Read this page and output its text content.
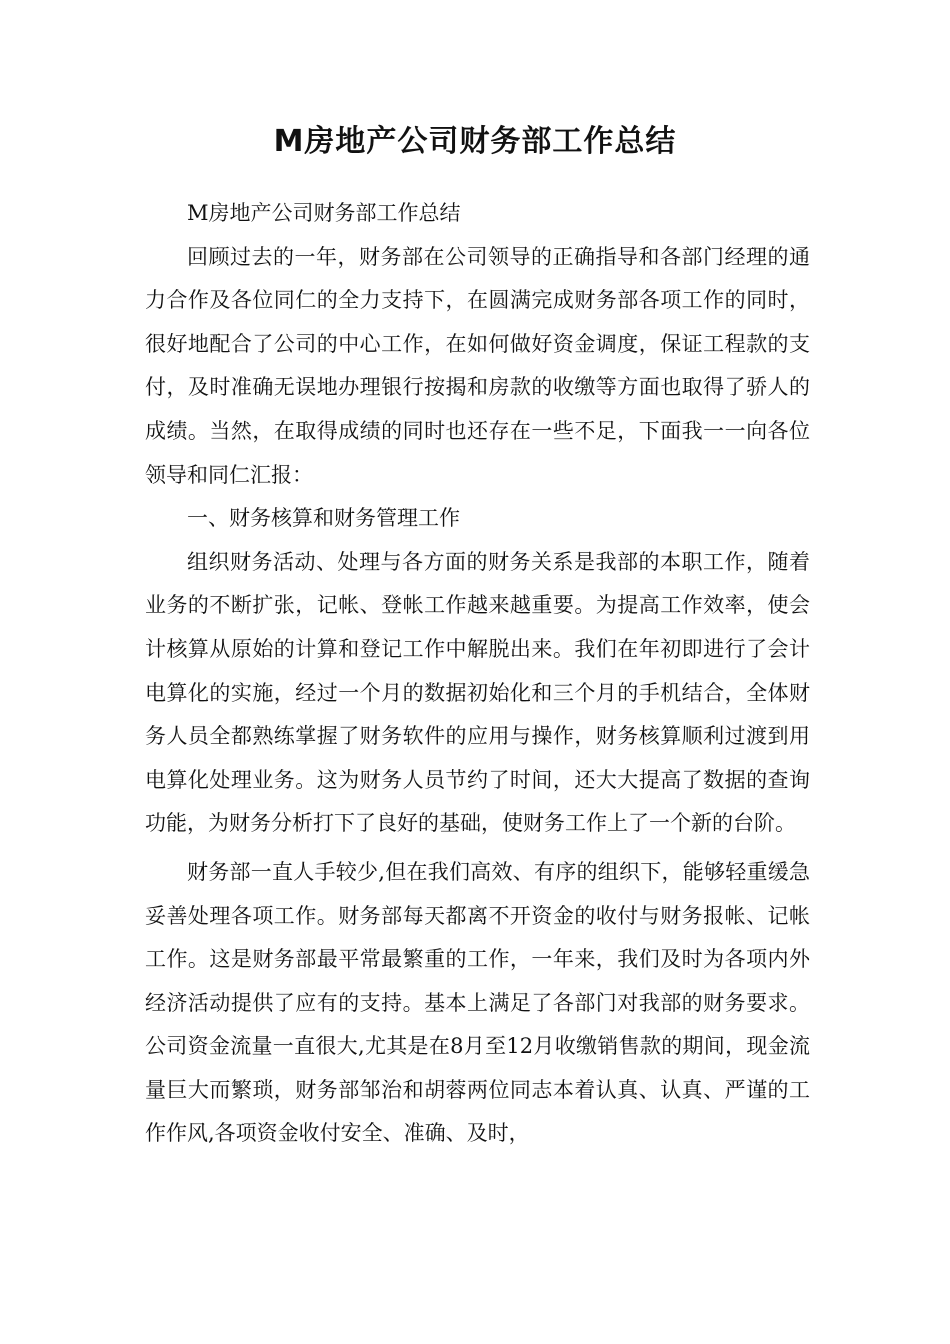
M房地产公司财务部工作总结

M房地产公司财务部工作总结

回顾过去的一年，财务部在公司领导的正确指导和各部门经理的通力合作及各位同仁的全力支持下，在圆满完成财务部各项工作的同时，很好地配合了公司的中心工作，在如何做好资金调度，保证工程款的支付，及时准确无误地办理银行按揭和房款的收缴等方面也取得了骄人的成绩。当然，在取得成绩的同时也还存在一些不足，下面我一一向各位领导和同仁汇报：

一、财务核算和财务管理工作

组织财务活动、处理与各方面的财务关系是我部的本职工作，随着业务的不断扩张，记帐、登帐工作越来越重要。为提高工作效率，使会计核算从原始的计算和登记工作中解脱出来。我们在年初即进行了会计电算化的实施，经过一个月的数据初始化和三个月的手机结合，全体财务人员全都熟练掌握了财务软件的应用与操作，财务核算顺利过渡到用电算化处理业务。这为财务人员节约了时间，还大大提高了数据的查询功能，为财务分析打下了良好的基础，使财务工作上了一个新的台阶。

财务部一直人手较少,但在我们高效、有序的组织下，能够轻重缓急妥善处理各项工作。财务部每天都离不开资金的收付与财务报帐、记帐工作。这是财务部最平常最繁重的工作，一年来，我们及时为各项内外经济活动提供了应有的支持。基本上满足了各部门对我部的财务要求。公司资金流量一直很大,尤其是在8月至12月收缴销售款的期间，现金流量巨大而繁琐，财务部邹治和胡蓉两位同志本着认真、认真、严谨的工作作风,各项资金收付安全、准确、及时，
